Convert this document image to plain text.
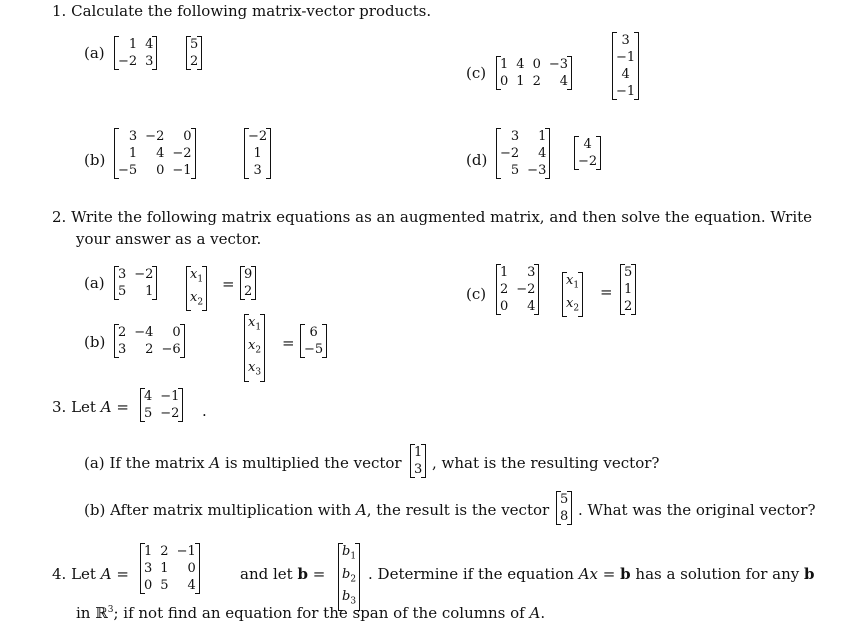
1. Calculate the following matrix-vector products.
(a) 1	4
−2	3
5
2
(b)
3	−2	0
1	4	−2
−5	0	−1
−2
1
3
(c) 1	4	0	−3
0	1	2	4
3
−1
4
−1
(d)
3	1
−2	4
5	−3
4
−2
2. Write the following matrix equations as an augmented matrix, and then solve the equation. Write
your answer as a vector.
(a) 3	−2
5	1
$x_1$
$x_2$
=
9
2
(b)
2	−4	0
3	2	−6
$x_1$
$x_2$
$x_3$
=
6
−5
(c)
1	3
2	−2
0	4
$x_1$
$x_2$
=
5
1
2
3. Let A =
4	−1
5	−2 .
(a) If the matrix A is multiplied the vector
1
3 , what is the resulting vector?
(b) After matrix multiplication with A, the result is the vector
5
8 . What was the original vector?
4. Let A =
1	2	−1
3	1	0
0	5	4
and let b =
$b_1$
$b_2$
$b_3$
. Determine if the equation Ax = b has a solution for any b
in ℝ$^3$; if not find an equation for the span of the columns of A.
